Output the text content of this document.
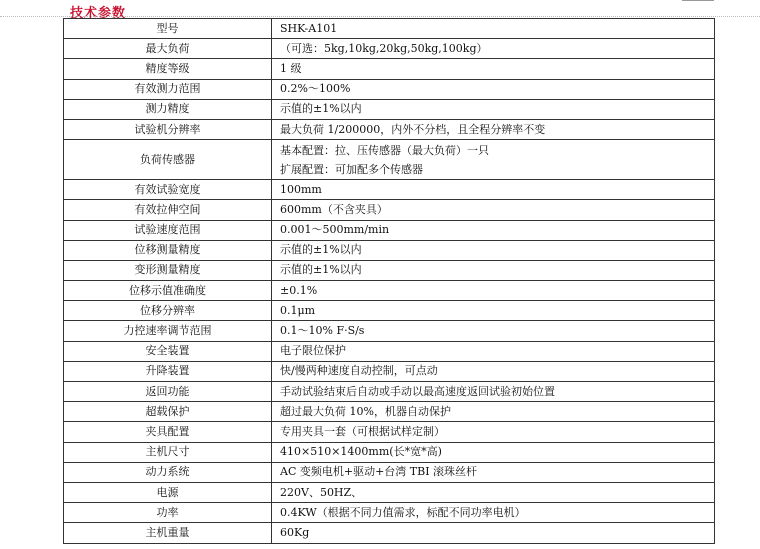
技术参数
型号	SHK-A101
最大负荷	（可选：5kg,10kg,20kg,50kg,100kg）
精度等级	1 级
有效测力范围	0.2%～100%
测力精度	示值的±1%以内
试验机分辨率	最大负荷 1/200000，内外不分档，且全程分辨率不变
负荷传感器	基本配置：拉、压传感器（最大负荷）一只
扩展配置：可加配多个传感器

有效试验宽度	100mm
有效拉伸空间	600mm（不含夹具）
试验速度范围	0.001～500mm/min
位移测量精度	示值的±1%以内
变形测量精度	示值的±1%以内
位移示值准确度	±0.1%
位移分辨率	0.1μm
力控速率调节范围	0.1～10% F·S/s
安全装置	电子限位保护
升降装置	快/慢两种速度自动控制，可点动
返回功能	手动试验结束后自动或手动以最高速度返回试验初始位置
超载保护	超过最大负荷 10%，机器自动保护
夹具配置	专用夹具一套（可根据试样定制）
主机尺寸	410×510×1400mm(长*宽*高)
动力系统	AC 变频电机+驱动+台湾 TBI 滚珠丝杆
电源	220V、50HZ、
功率	0.4KW（根据不同力值需求，标配不同功率电机）
主机重量	60Kg
